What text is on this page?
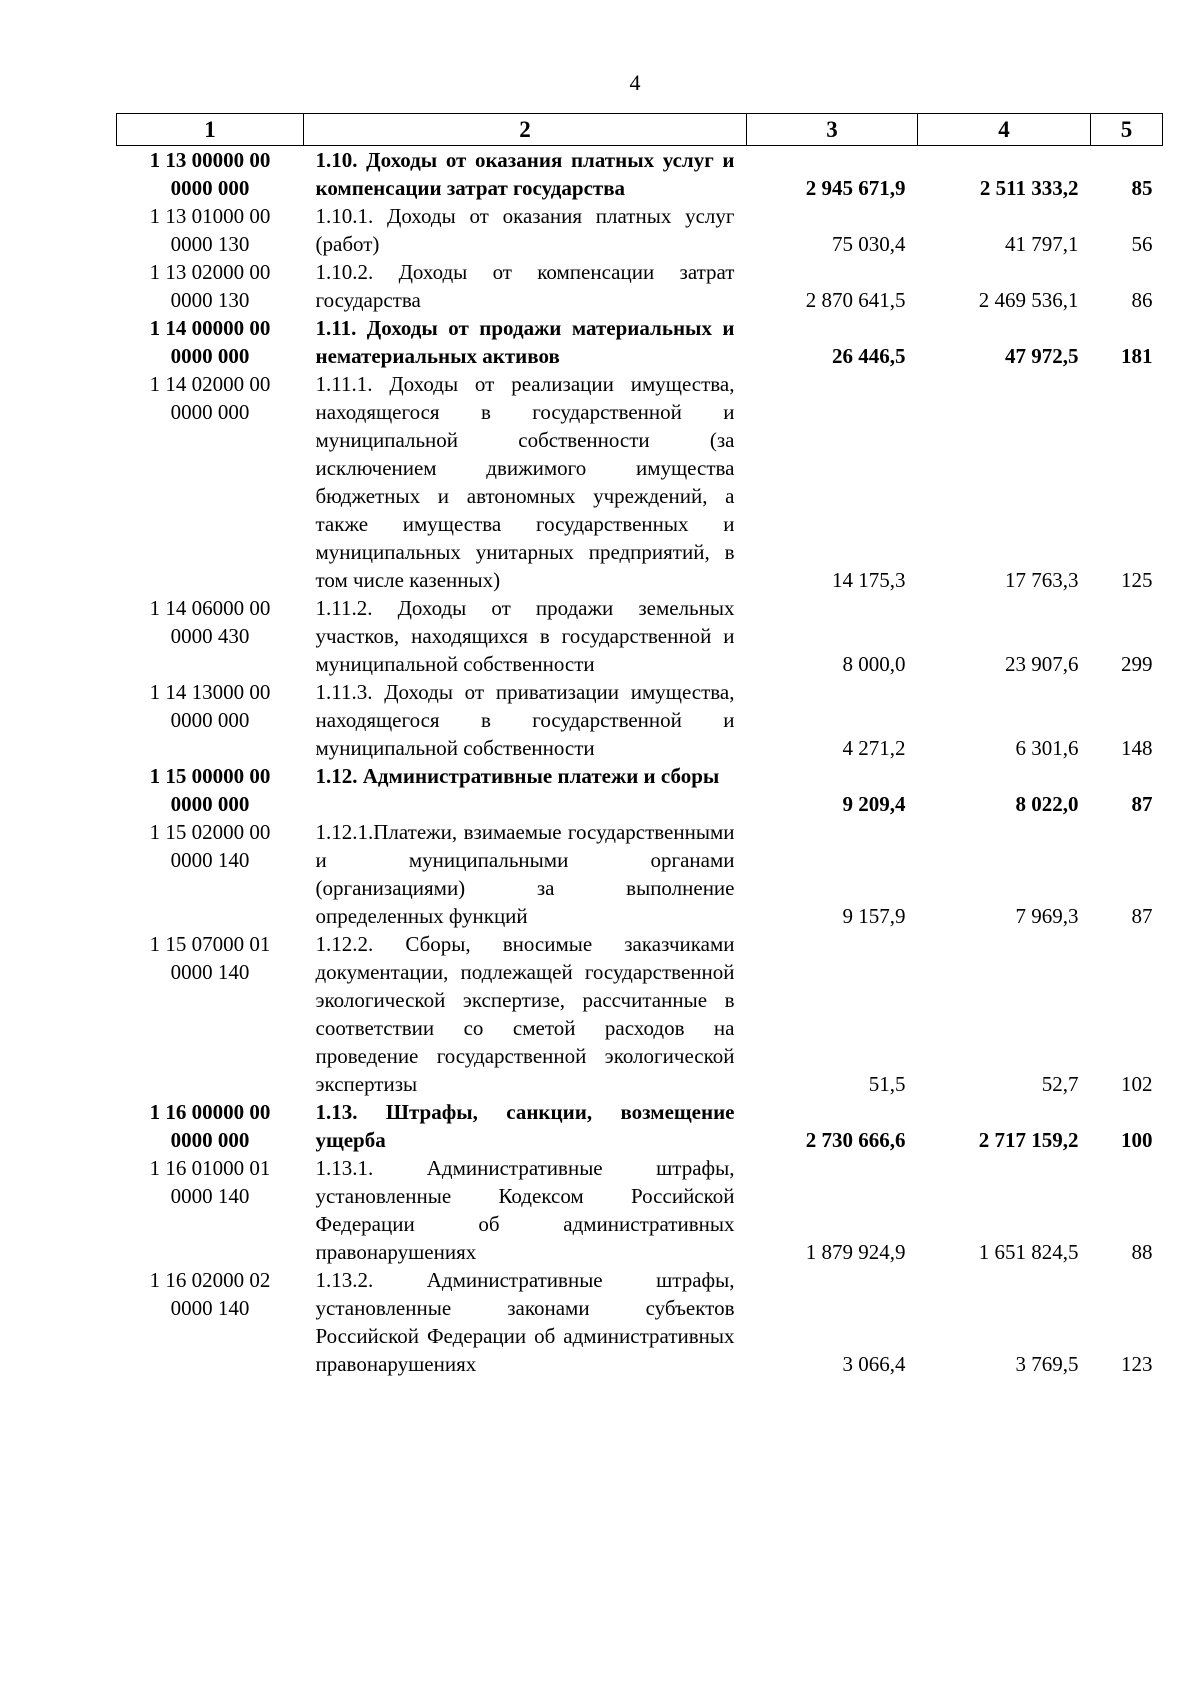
4
1	2	3	4	5

1 13 00000 00
0000 000	1.10. Доходы от оказания платных услуг и компенсации затрат государства	2 945 671,9	2 511 333,2	85

1 13 01000 00
0000 130	1.10.1. Доходы от оказания платных услуг (работ)	75 030,4	41 797,1	56

1 13 02000 00
0000 130	1.10.2. Доходы от компенсации затрат государства	2 870 641,5	2 469 536,1	86

1 14 00000 00
0000 000	1.11. Доходы от продажи материальных и нематериальных активов	26 446,5	47 972,5	181

1 14 02000 00
0000 000	1.11.1. Доходы от реализации имущества, находящегося в государственной и муниципальной собственности (за исключением движимого имущества бюджетных и автономных учреждений, а также имущества государственных и муниципальных унитарных предприятий, в том числе казенных)	14 175,3	17 763,3	125

1 14 06000 00
0000 430	1.11.2. Доходы от продажи земельных участков, находящихся в государственной и муниципальной собственности	8 000,0	23 907,6	299

1 14 13000 00
0000 000	1.11.3. Доходы от приватизации имущества, находящегося в государственной и муниципальной собственности	4 271,2	6 301,6	148

1 15 00000 00
0000 000	1.12. Административные платежи и сборы	9 209,4	8 022,0	87

1 15 02000 00
0000 140	1.12.1.Платежи, взимаемые государственными и муниципальными органами (организациями) за выполнение определенных функций	9 157,9	7 969,3	87

1 15 07000 01
0000 140	1.12.2. Сборы, вносимые заказчиками документации, подлежащей государственной экологической экспертизе, рассчитанные в соответствии со сметой расходов на проведение государственной экологической экспертизы	51,5	52,7	102

1 16 00000 00
0000 000	1.13. Штрафы, санкции, возмещение ущерба	2 730 666,6	2 717 159,2	100

1 16 01000 01
0000 140	1.13.1. Административные штрафы, установленные Кодексом Российской Федерации об административных правонарушениях	1 879 924,9	1 651 824,5	88

1 16 02000 02
0000 140	1.13.2. Административные штрафы, установленные законами субъектов Российской Федерации об административных правонарушениях	3 066,4	3 769,5	123
